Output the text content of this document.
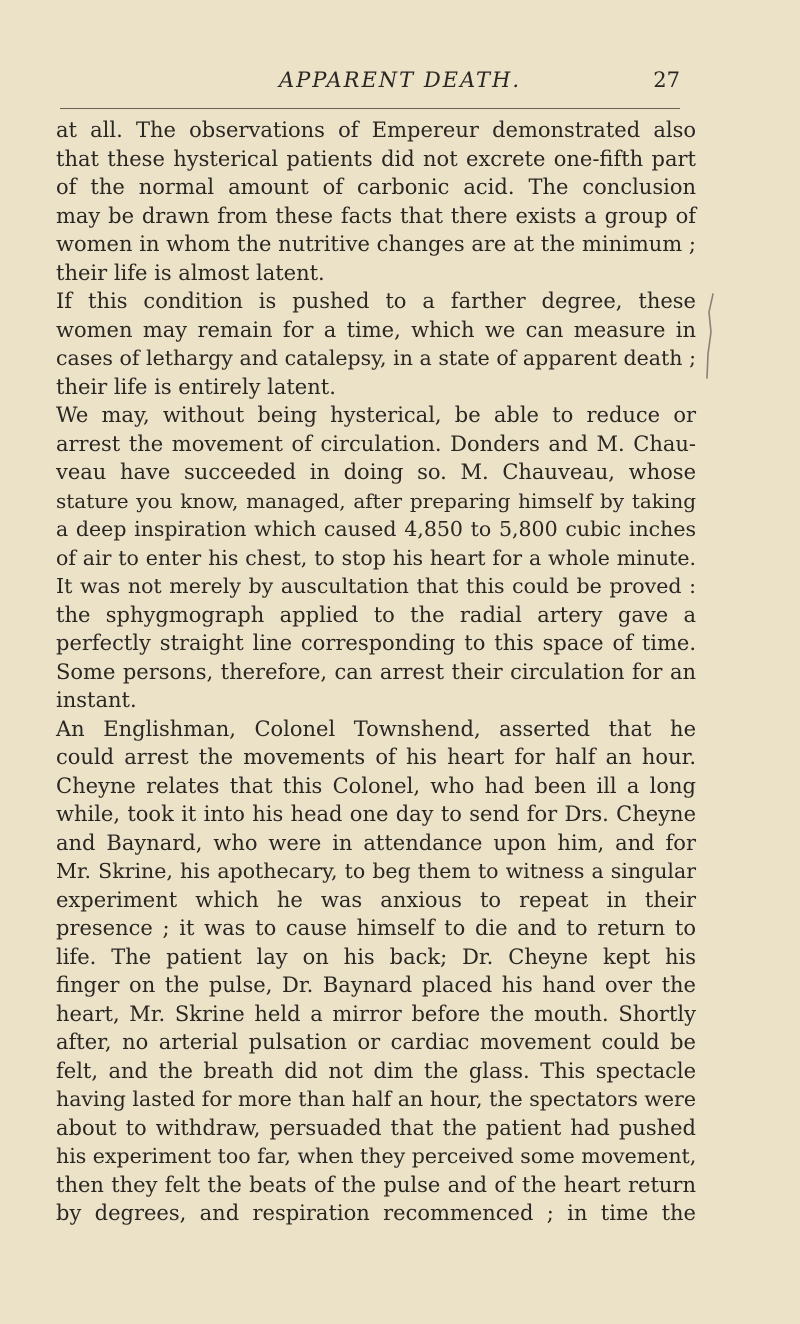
APPARENT DEATH.	27
at all. The observations of Empereur demonstrated also
that these hysterical patients did not excrete one-fifth part
of the normal amount of carbonic acid. The conclusion
may be drawn from these facts that there exists a group of
women in whom the nutritive changes are at the minimum ;
their life is almost latent.
If this condition is pushed to a farther degree, these
women may remain for a time, which we can measure in
cases of lethargy and catalepsy, in a state of apparent death ;
their life is entirely latent.
We may, without being hysterical, be able to reduce or
arrest the movement of circulation. Donders and M. Chau-
veau have succeeded in doing so. M. Chauveau, whose
stature you know, managed, after preparing himself by taking
a deep inspiration which caused 4,850 to 5,800 cubic inches
of air to enter his chest, to stop his heart for a whole minute.
It was not merely by auscultation that this could be proved :
the sphygmograph applied to the radial artery gave a
perfectly straight line corresponding to this space of time.
Some persons, therefore, can arrest their circulation for an
instant.
An Englishman, Colonel Townshend, asserted that he
could arrest the movements of his heart for half an hour.
Cheyne relates that this Colonel, who had been ill a long
while, took it into his head one day to send for Drs. Cheyne
and Baynard, who were in attendance upon him, and for
Mr. Skrine, his apothecary, to beg them to witness a singular
experiment which he was anxious to repeat in their
presence ; it was to cause himself to die and to return to
life. The patient lay on his back; Dr. Cheyne kept his
finger on the pulse, Dr. Baynard placed his hand over the
heart, Mr. Skrine held a mirror before the mouth. Shortly
after, no arterial pulsation or cardiac movement could be
felt, and the breath did not dim the glass. This spectacle
having lasted for more than half an hour, the spectators were
about to withdraw, persuaded that the patient had pushed
his experiment too far, when they perceived some movement,
then they felt the beats of the pulse and of the heart return
by degrees, and respiration recommenced ; in time the
